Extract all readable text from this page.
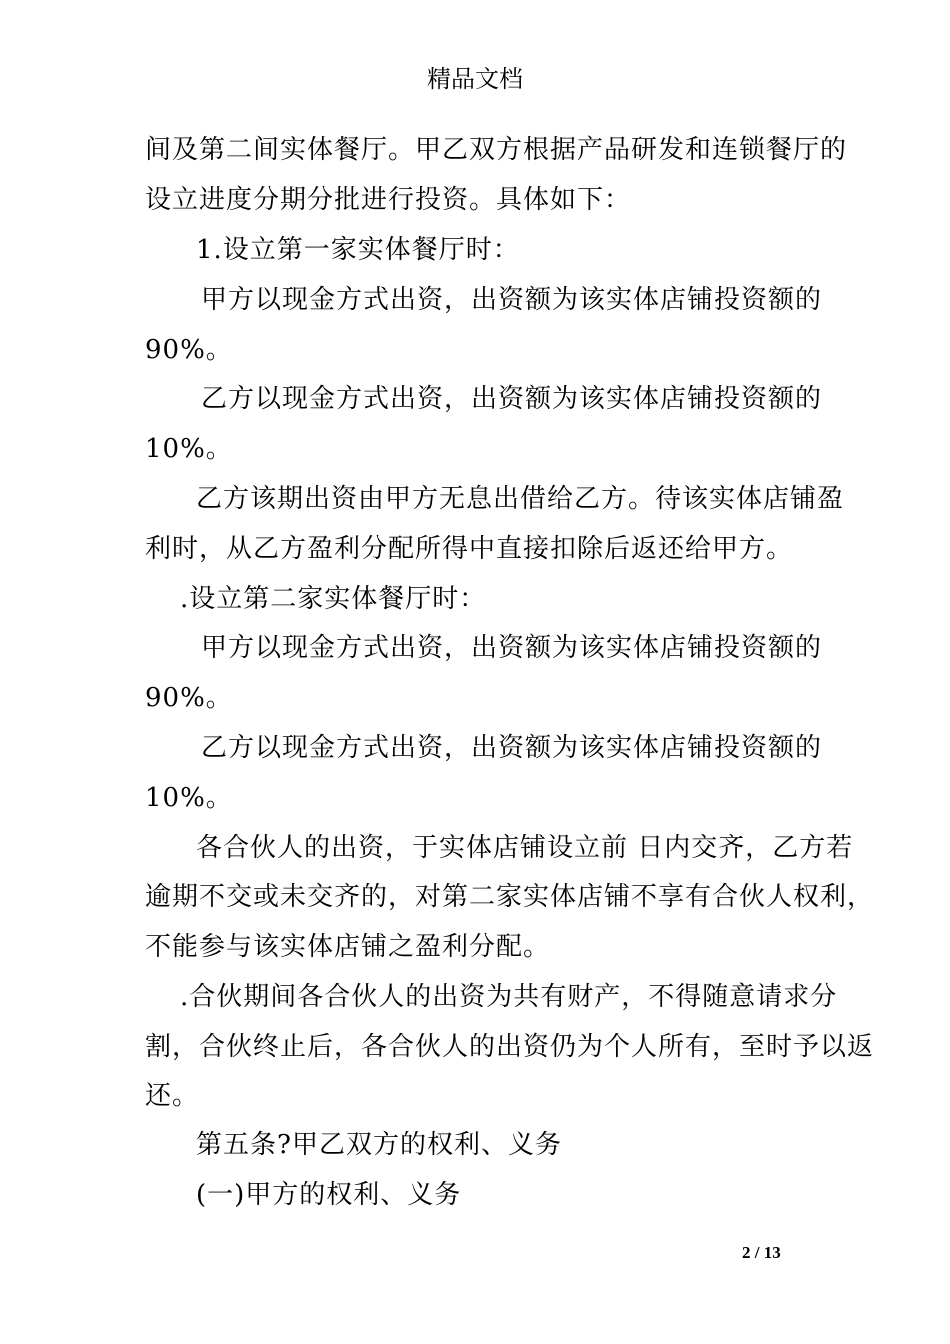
精品文档
间及第二间实体餐厅。甲乙双方根据产品研发和连锁餐厅的
设立进度分期分批进行投资。具体如下：
1.设立第一家实体餐厅时：
甲方以现金方式出资，出资额为该实体店铺投资额的
90%。
乙方以现金方式出资，出资额为该实体店铺投资额的
10%。
乙方该期出资由甲方无息出借给乙方。待该实体店铺盈
利时，从乙方盈利分配所得中直接扣除后返还给甲方。
.设立第二家实体餐厅时：
甲方以现金方式出资，出资额为该实体店铺投资额的
90%。
乙方以现金方式出资，出资额为该实体店铺投资额的
10%。
各合伙人的出资，于实体店铺设立前 日内交齐，乙方若
逾期不交或未交齐的，对第二家实体店铺不享有合伙人权利，
不能参与该实体店铺之盈利分配。
.合伙期间各合伙人的出资为共有财产，不得随意请求分
割，合伙终止后，各合伙人的出资仍为个人所有，至时予以返
还。
第五条?甲乙双方的权利、义务
(一)甲方的权利、义务
2 / 13
